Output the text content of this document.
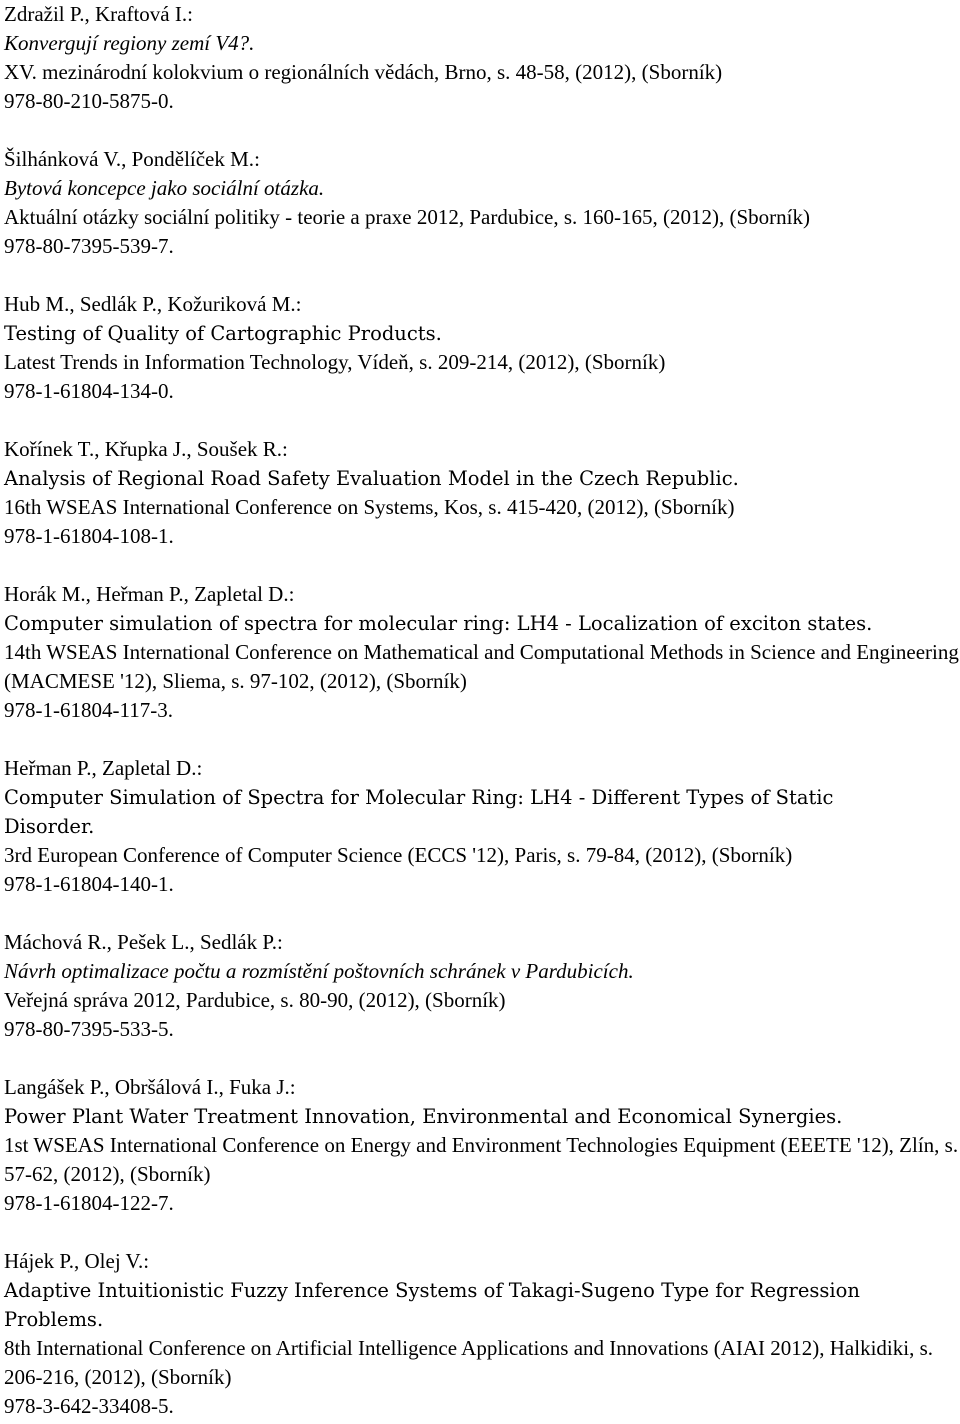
Zdražil P., Kraftová I.:
Konvergují regiony zemí V4?.
XV. mezinárodní kolokvium o regionálních vědách, Brno, s. 48-58, (2012), (Sborník)
978-80-210-5875-0.
Šilhánková V., Pondělíček M.:
Bytová koncepce jako sociální otázka.
Aktuální otázky sociální politiky - teorie a praxe 2012, Pardubice, s. 160-165, (2012), (Sborník)
978-80-7395-539-7.
Hub M., Sedlák P., Kožuriková M.:
Testing of Quality of Cartographic Products.
Latest Trends in Information Technology, Vídeň, s. 209-214, (2012), (Sborník)
978-1-61804-134-0.
Kořínek T., Křupka J., Soušek R.:
Analysis of Regional Road Safety Evaluation Model in the Czech Republic.
16th WSEAS International Conference on Systems, Kos, s. 415-420, (2012), (Sborník)
978-1-61804-108-1.
Horák M., Heřman P., Zapletal D.:
Computer simulation of spectra for molecular ring: LH4 - Localization of exciton states.
14th WSEAS International Conference on Mathematical and Computational Methods in Science and Engineering (MACMESE '12), Sliema, s. 97-102, (2012), (Sborník)
978-1-61804-117-3.
Heřman P., Zapletal D.:
Computer Simulation of Spectra for Molecular Ring: LH4 - Different Types of Static Disorder.
3rd European Conference of Computer Science (ECCS '12), Paris, s. 79-84, (2012), (Sborník)
978-1-61804-140-1.
Máchová R., Pešek L., Sedlák P.:
Návrh optimalizace počtu a rozmístění poštovních schránek v Pardubicích.
Veřejná správa 2012, Pardubice, s. 80-90, (2012), (Sborník)
978-80-7395-533-5.
Langášek P., Obršálová I., Fuka J.:
Power Plant Water Treatment Innovation, Environmental and Economical Synergies.
1st WSEAS International Conference on Energy and Environment Technologies Equipment (EEETE '12), Zlín, s. 57-62, (2012), (Sborník)
978-1-61804-122-7.
Hájek P., Olej V.:
Adaptive Intuitionistic Fuzzy Inference Systems of Takagi-Sugeno Type for Regression Problems.
8th International Conference on Artificial Intelligence Applications and Innovations (AIAI 2012), Halkidiki, s. 206-216, (2012), (Sborník)
978-3-642-33408-5.
